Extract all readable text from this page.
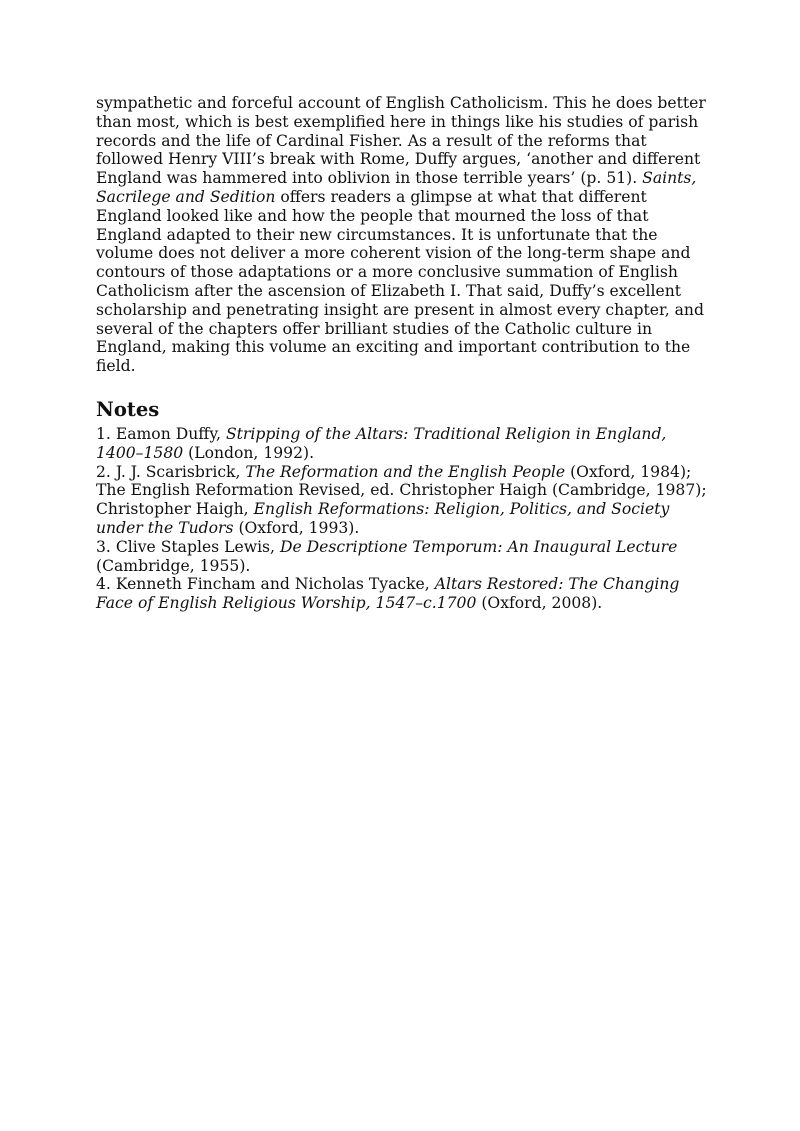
sympathetic and forceful account of English Catholicism. This he does better than most, which is best exemplified here in things like his studies of parish records and the life of Cardinal Fisher. As a result of the reforms that followed Henry VIII’s break with Rome, Duffy argues, ‘another and different England was hammered into oblivion in those terrible years’ (p. 51). Saints, Sacrilege and Sedition offers readers a glimpse at what that different England looked like and how the people that mourned the loss of that England adapted to their new circumstances. It is unfortunate that the volume does not deliver a more coherent vision of the long-term shape and contours of those adaptations or a more conclusive summation of English Catholicism after the ascension of Elizabeth I. That said, Duffy’s excellent scholarship and penetrating insight are present in almost every chapter, and several of the chapters offer brilliant studies of the Catholic culture in England, making this volume an exciting and important contribution to the field.

Notes

1. Eamon Duffy, Stripping of the Altars: Traditional Religion in England, 1400–1580 (London, 1992).

2. J. J. Scarisbrick, The Reformation and the English People (Oxford, 1984); The English Reformation Revised, ed. Christopher Haigh (Cambridge, 1987); Christopher Haigh, English Reformations: Religion, Politics, and Society under the Tudors (Oxford, 1993).

3. Clive Staples Lewis, De Descriptione Temporum: An Inaugural Lecture (Cambridge, 1955).

4. Kenneth Fincham and Nicholas Tyacke, Altars Restored: The Changing Face of English Religious Worship, 1547–c.1700 (Oxford, 2008).
